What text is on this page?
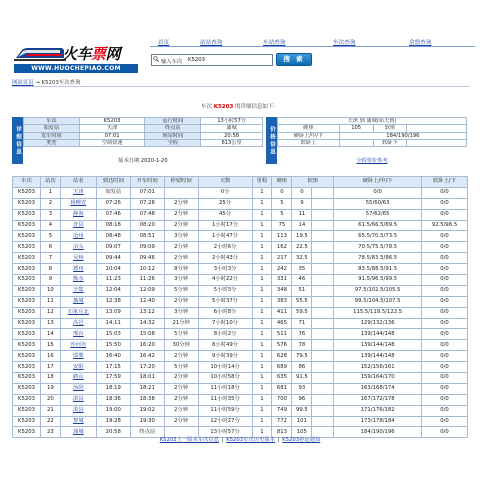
火车票网
WWW.HUOCHEPIAO.COM
首页	站站查询	车站查询	车次查询	余票查询
输入车次 K5203	搜 索
网站首页 → K5203车次查询
车次 K5203 的详细信息如下：
详细信息
车次	K5203	运行时间	13小时57分
始发站	天津	终点站	蒲城
发车时间	07:01	到站时间	20:58
类型	空调快速	全程	813公里
版本日期 2020-1-20
价格信息
天津 到 蒲城(始天到)			
硬座	105	软座	
硬卧上/中/下	184/190/196		
软卧上		软卧下	
全程票价参考
车次	站次	站名	到达时间	开车时间	停留时间	天数	里程	硬座	软座		硬卧上/中/下	软卧上/下
K5203	1	天津	始发站	07:01		0分	1	0	0		0/0	0/0
K5203	2	杨柳青	07:26	07:28	2分钟	25分	1	5	9		55/60/63	0/0
K5203	3	静海	07:46	07:48	2分钟	45分	1	5	11		57/62/65	0/0
K5203	4	青县	08:18	08:20	2分钟	1小时17分	1	75	14		61.5/66.5/69.5	92.5/98.5
K5203	5	沧州	08:48	08:51	3分钟	1小时47分	1	113	19.5		65.5/70.5/73.5	0/0
K5203	6	泊头	09:07	09:09	2分钟	2小时6分	1	162	22.5		70.5/75.5/78.5	0/0
K5203	7	吴桥	09:44	09:46	2分钟	2小时43分	1	217	32.5		78.5/83.5/86.5	0/0
K5203	8	德州	10:04	10:12	8分钟	3小时3分	1	242	35		83.5/88.5/91.5	0/0
K5203	9	衡水	11:23	11:26	3分钟	4小时22分	1	331	46		91.5/96.5/99.5	0/0
K5203	10	辛集	12:04	12:09	5分钟	5小时3分	1	348	51		97.5/102.5/105.5	0/0
K5203	11	藁城	12:38	12:40	2分钟	5小时37分	1	383	55.5		99.5/104.5/107.5	0/0
K5203	12	石家庄北	13:09	13:12	3分钟	6小时8分	1	411	59.5		115.5/119.5/122.5	0/0
K5203	13	高邑	14:11	14:32	21分钟	7小时10分	1	465	71		129/132/136	0/0
K5203	14	邢台	15:03	15:08	5分钟	8小时2分	1	511	76		139/144/148	0/0
K5203	15	沙河市	15:50	16:20	30分钟	8小时49分	1	576	78		139/144/148	0/0
K5203	16	邯郸	16:40	16:42	2分钟	9小时39分	1	628	79.5		139/144/148	0/0
K5203	17	安阳	17:15	17:20	5分钟	10小时14分	1	689	86		152/156/161	0/0
K5203	18	鹤山	17:59	18:01	2分钟	10小时58分	1	635	91.5		159/164/170	0/0
K5203	19	汤阴	18:19	18:21	2分钟	11小时18分	1	681	93		163/168/174	0/0
K5203	20	淇县	18:36	18:38	2分钟	11小时35分	1	700	96		167/172/178	0/0
K5203	21	浚县	19:00	19:02	2分钟	11小时59分	1	749	99.5		171/176/182	0/0
K5203	22	黎城	19:28	19:30	2分钟	12小时27分	1	772	101		173/178/184	0/0
K5203	23	蒲城	20:58	终点站		13小时57分	1	813	105		184/190/196	0/0
K5203上一版本车次信息 | K5203车次历史版本 | K5203停运通知
